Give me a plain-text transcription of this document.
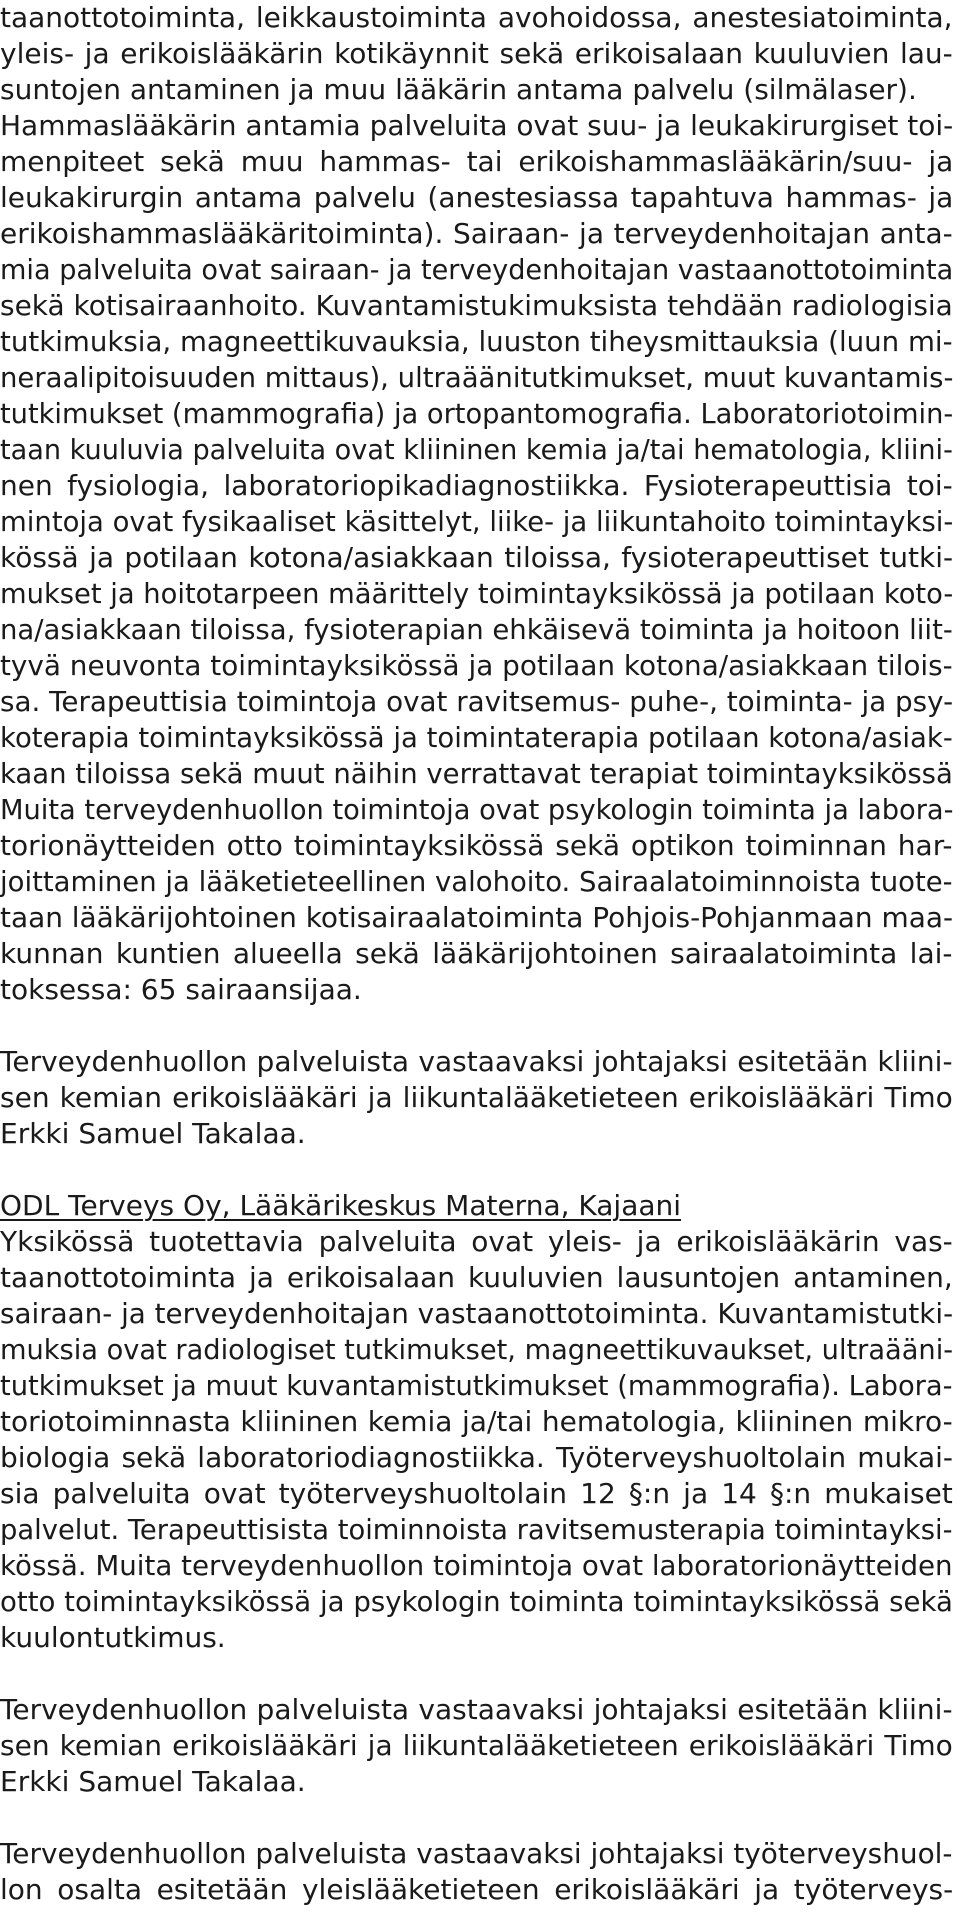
taanottotoiminta, leikkaustoiminta avohoidossa, anestesiatoiminta,
yleis- ja erikoislääkärin kotikäynnit sekä erikoisalaan kuuluvien lau-
suntojen antaminen ja muu lääkärin antama palvelu (silmälaser).
Hammaslääkärin antamia palveluita ovat suu- ja leukakirurgiset toi-
menpiteet sekä muu hammas- tai erikoishammaslääkärin/suu- ja
leukakirurgin antama palvelu (anestesiassa tapahtuva hammas- ja
erikoishammaslääkäritoiminta). Sairaan- ja terveydenhoitajan anta-
mia palveluita ovat sairaan- ja terveydenhoitajan vastaanottotoiminta
sekä kotisairaanhoito. Kuvantamistukimuksista tehdään radiologisia
tutkimuksia, magneettikuvauksia, luuston tiheysmittauksia (luun mi-
neraalipitoisuuden mittaus), ultraäänitutkimukset, muut kuvantamis-
tutkimukset (mammografia) ja ortopantomografia. Laboratoriotoimin-
taan kuuluvia palveluita ovat kliininen kemia ja/tai hematologia, kliini-
nen fysiologia, laboratoriopikadiagnostiikka. Fysioterapeuttisia toi-
mintoja ovat fysikaaliset käsittelyt, liike- ja liikuntahoito toimintayksi-
kössä ja potilaan kotona/asiakkaan tiloissa, fysioterapeuttiset tutki-
mukset ja hoitotarpeen määrittely toimintayksikössä ja potilaan koto-
na/asiakkaan tiloissa, fysioterapian ehkäisevä toiminta ja hoitoon liit-
tyvä neuvonta toimintayksikössä ja potilaan kotona/asiakkaan tilois-
sa. Terapeuttisia toimintoja ovat ravitsemus- puhe-, toiminta- ja psy-
koterapia toimintayksikössä ja toimintaterapia potilaan kotona/asiak-
kaan tiloissa sekä muut näihin verrattavat terapiat toimintayksikössä
Muita terveydenhuollon toimintoja ovat psykologin toiminta ja labora-
torionäytteiden otto toimintayksikössä sekä optikon toiminnan har-
joittaminen ja lääketieteellinen valohoito. Sairaalatoiminnoista tuote-
taan lääkärijohtoinen kotisairaalatoiminta Pohjois-Pohjanmaan maa-
kunnan kuntien alueella sekä lääkärijohtoinen sairaalatoiminta lai-
toksessa: 65 sairaansijaa.
Terveydenhuollon palveluista vastaavaksi johtajaksi esitetään kliini-
sen kemian erikoislääkäri ja liikuntalääketieteen erikoislääkäri Timo
Erkki Samuel Takalaa.
ODL Terveys Oy, Lääkärikeskus Materna, Kajaani
Yksikössä tuotettavia palveluita ovat yleis- ja erikoislääkärin vas-
taanottotoiminta ja erikoisalaan kuuluvien lausuntojen antaminen,
sairaan- ja terveydenhoitajan vastaanottotoiminta. Kuvantamistutki-
muksia ovat radiologiset tutkimukset, magneettikuvaukset, ultraääni-
tutkimukset ja muut kuvantamistutkimukset (mammografia). Labora-
toriotoiminnasta kliininen kemia ja/tai hematologia, kliininen mikro-
biologia sekä laboratoriodiagnostiikka. Työterveyshuoltolain mukai-
sia palveluita ovat työterveyshuoltolain 12 §:n ja 14 §:n mukaiset
palvelut. Terapeuttisista toiminnoista ravitsemusterapia toimintayksi-
kössä. Muita terveydenhuollon toimintoja ovat laboratorionäytteiden
otto toimintayksikössä ja psykologin toiminta toimintayksikössä sekä
kuulontutkimus.
Terveydenhuollon palveluista vastaavaksi johtajaksi esitetään kliini-
sen kemian erikoislääkäri ja liikuntalääketieteen erikoislääkäri Timo
Erkki Samuel Takalaa.
Terveydenhuollon palveluista vastaavaksi johtajaksi työterveyshuol-
lon osalta esitetään yleislääketieteen erikoislääkäri ja työterveys-
